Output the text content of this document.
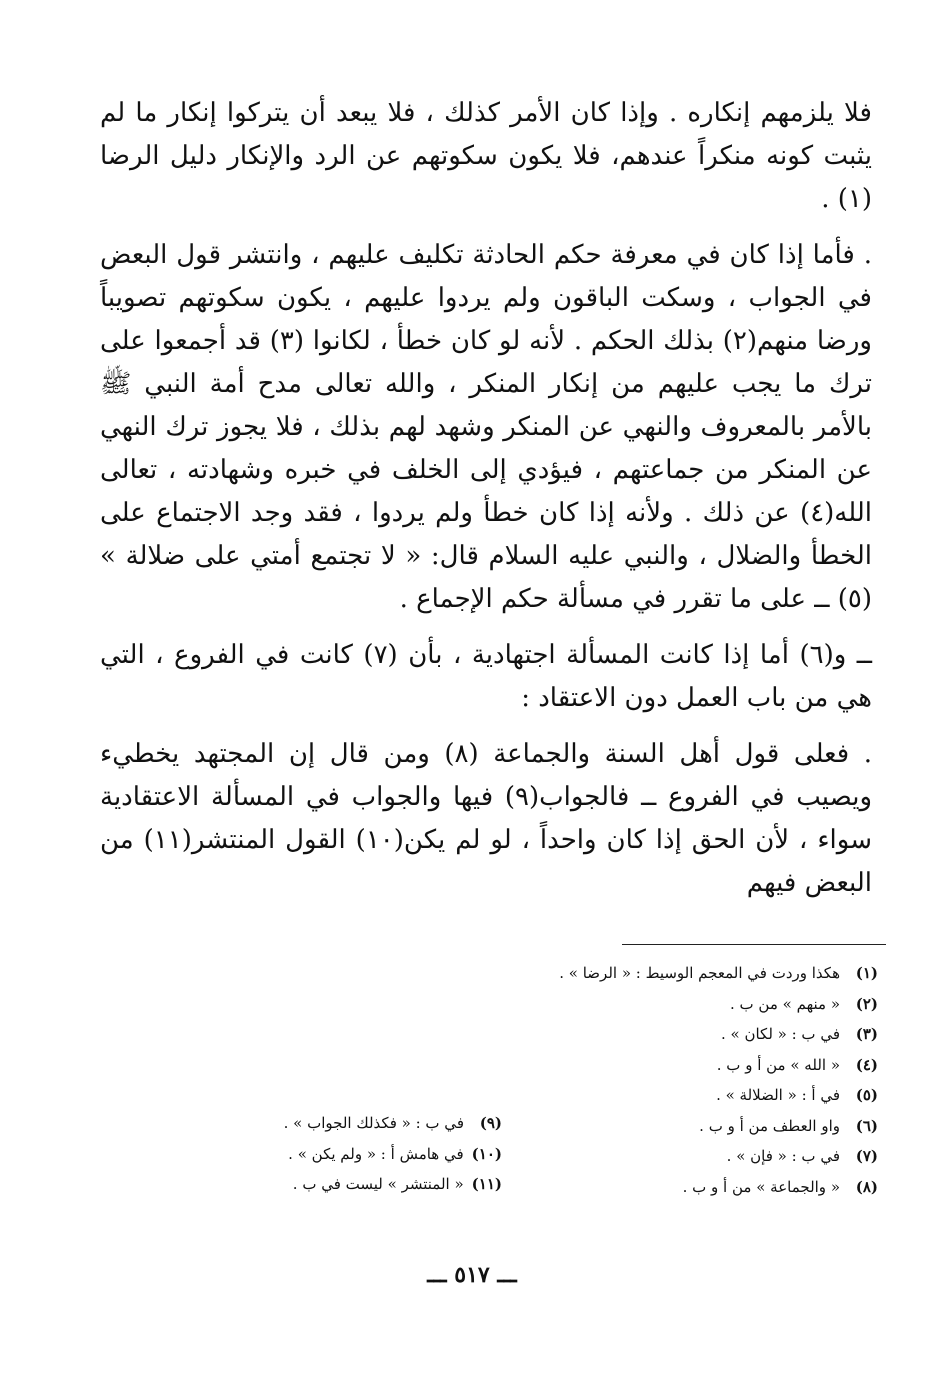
فلا يلزمهم إنكاره . وإذا كان الأمر كذلك ، فلا يبعد أن يتركوا إنكار ما لم يثبت كونه منكراً عندهم، فلا يكون سكوتهم عن الرد والإنكار دليل الرضا (١) .

. فأما إذا كان في معرفة حكم الحادثة تكليف عليهم ، وانتشر قول البعض في الجواب ، وسكت الباقون ولم يردوا عليهم ، يكون سكوتهم تصويباً ورضا منهم(٢) بذلك الحكم . لأنه لو كان خطأ ، لكانوا (٣) قد أجمعوا على ترك ما يجب عليهم من إنكار المنكر ، والله تعالى مدح أمة النبي ﷺ بالأمر بالمعروف والنهي عن المنكر وشهد لهم بذلك ، فلا يجوز ترك النهي عن المنكر من جماعتهم ، فيؤدي إلى الخلف في خبره وشهادته ، تعالى الله(٤) عن ذلك . ولأنه إذا كان خطأ ولم يردوا ، فقد وجد الاجتماع على الخطأ والضلال ، والنبي عليه السلام قال: « لا تجتمع أمتي على ضلالة » (٥) ــ على ما تقرر في مسألة حكم الإجماع .

ــ و(٦) أما إذا كانت المسألة اجتهادية ، بأن (٧) كانت في الفروع ، التي هي من باب العمل دون الاعتقاد :

. فعلى قول أهل السنة والجماعة (٨) ومن قال إن المجتهد يخطيء ويصيب في الفروع ــ فالجواب(٩) فيها والجواب في المسألة الاعتقادية سواء ، لأن الحق إذا كان واحداً ، لو لم يكن(١٠) القول المنتشر(١١) من البعض فيهم

(١)هكذا وردت في المعجم الوسيط : « الرضا » .
(٢)« منهم » من ب .
(٣)في ب : « لكان » .
(٤)« الله » من أ و ب .
(٥)في أ : « الضلالة » .
(٦)واو العطف من أ و ب .
(٧)في ب : « فإن » .
(٨)« والجماعة » من أ و ب .
(٩)في ب : « فكذلك الجواب » .
(١٠)في هامش أ : « ولم يكن » .
(١١)« المنتشر » ليست في ب .
ـــ ٥١٧ ـــ
